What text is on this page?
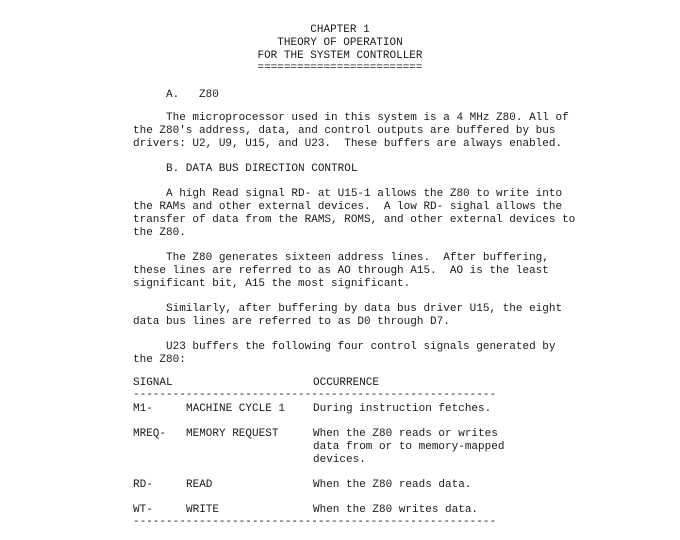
CHAPTER 1
THEORY OF OPERATION
FOR THE SYSTEM CONTROLLER
=========================
A.   Z80
The microprocessor used in this system is a 4 MHz Z80. All of
the Z80's address, data, and control outputs are buffered by bus
drivers: U2, U9, U15, and U23.  These buffers are always enabled.
B. DATA BUS DIRECTION CONTROL
A high Read signal RD- at U15-1 allows the Z80 to write into
the RAMs and other external devices.  A low RD- sighal allows the
transfer of data from the RAMS, ROMS, and other external devices to
the Z80.
The Z80 generates sixteen address lines.  After buffering,
these lines are referred to as AO through A15.  AO is the least
significant bit, A15 the most significant.
Similarly, after buffering by data bus driver U15, the eight
data bus lines are referred to as D0 through D7.
U23 buffers the following four control signals generated by
the Z80:
SIGNAL	OCCURRENCE
-------------------------------------------------------
M1-	MACHINE CYCLE 1	During instruction fetches.
MREQ- MEMORY REQUEST	When the Z80 reads or writes
data from or to memory-mapped
devices.
RD-	READ	When the Z80 reads data.
WT-	WRITE	When the Z80 writes data.
-------------------------------------------------------
